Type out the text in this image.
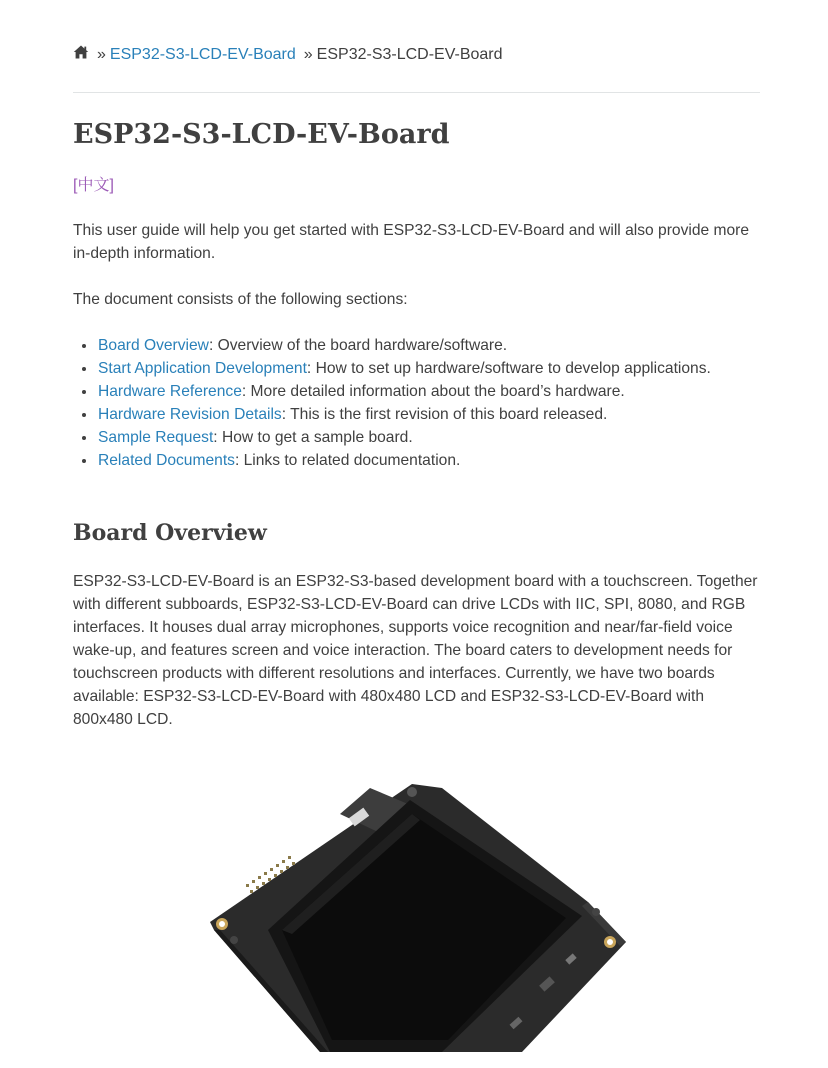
» ESP32-S3-LCD-EV-Board » ESP32-S3-LCD-EV-Board
ESP32-S3-LCD-EV-Board
[中文]

This user guide will help you get started with ESP32-S3-LCD-EV-Board and will also provide more in-depth information.

The document consists of the following sections:

Board Overview: Overview of the board hardware/software.
Start Application Development: How to set up hardware/software to develop applications.
Hardware Reference: More detailed information about the board’s hardware.
Hardware Revision Details: This is the first revision of this board released.
Sample Request: How to get a sample board.
Related Documents: Links to related documentation.
Board Overview

ESP32-S3-LCD-EV-Board is an ESP32-S3-based development board with a touchscreen. Together with different subboards, ESP32-S3-LCD-EV-Board can drive LCDs with IIC, SPI, 8080, and RGB interfaces. It houses dual array microphones, supports voice recognition and near/far-field voice wake-up, and features screen and voice interaction. The board caters to development needs for touchscreen products with different resolutions and interfaces. Currently, we have two boards available: ESP32-S3-LCD-EV-Board with 480x480 LCD and ESP32-S3-LCD-EV-Board with 800x480 LCD.
